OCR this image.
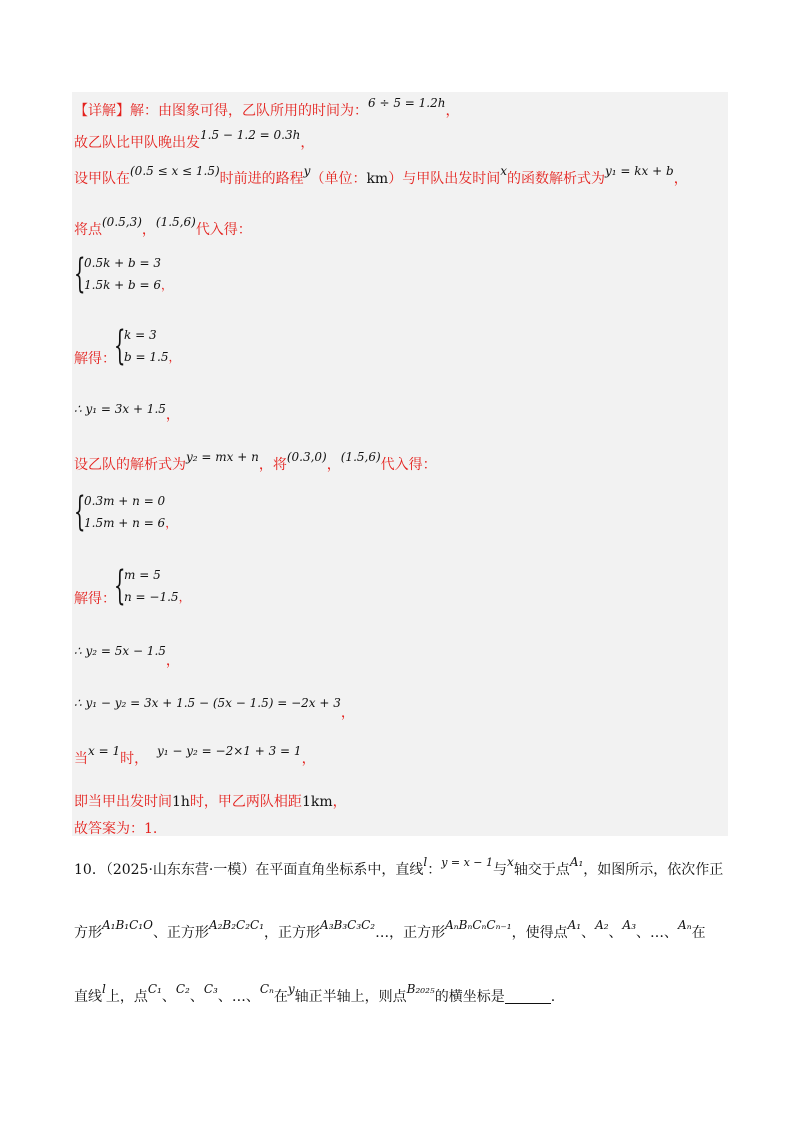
【详解】解：由图象可得，乙队所用的时间为：6 ÷ 5 = 1.2h，
故乙队比甲队晚出发1.5 − 1.2 = 0.3h，
设甲队在(0.5 ≤ x ≤ 1.5)时前进的路程y（单位：km）与甲队出发时间x的函数解析式为y₁ = kx + b，
将点(0.5,3)，(1.5,6)代入得：
{
0.5k + b = 3
1.5k + b = 6，
解得：
{
k = 3
b = 1.5，
∴ y₁ = 3x + 1.5，
设乙队的解析式为y₂ = mx + n，将(0.3,0)，(1.5,6)代入得：
{
0.3m + n = 0
1.5m + n = 6，
解得：
{
m = 5
n = −1.5，
∴ y₂ = 5x − 1.5，
∴ y₁ − y₂ = 3x + 1.5 − (5x − 1.5) = −2x + 3，
当x = 1时， y₁ − y₂ = −2×1 + 3 = 1，
即当甲出发时间1h时，甲乙两队相距1km，
故答案为：1.
10．（2025·山东东营·一模）在平面直角坐标系中，直线l：$^{y = x - 1}$与x轴交于点A₁，如图所示，依次作正
方形A₁B₁C₁O、正方形A₂B₂C₂C₁，正方形A₃B₃C₃C₂…，正方形AₙBₙCₙCₙ₋₁，使得点A₁、A₂、A₃、…、Aₙ在
直线l上，点C₁、C₂、C₃、…、Cₙ在y轴正半轴上，则点B₂₀₂₅的横坐标是	.
